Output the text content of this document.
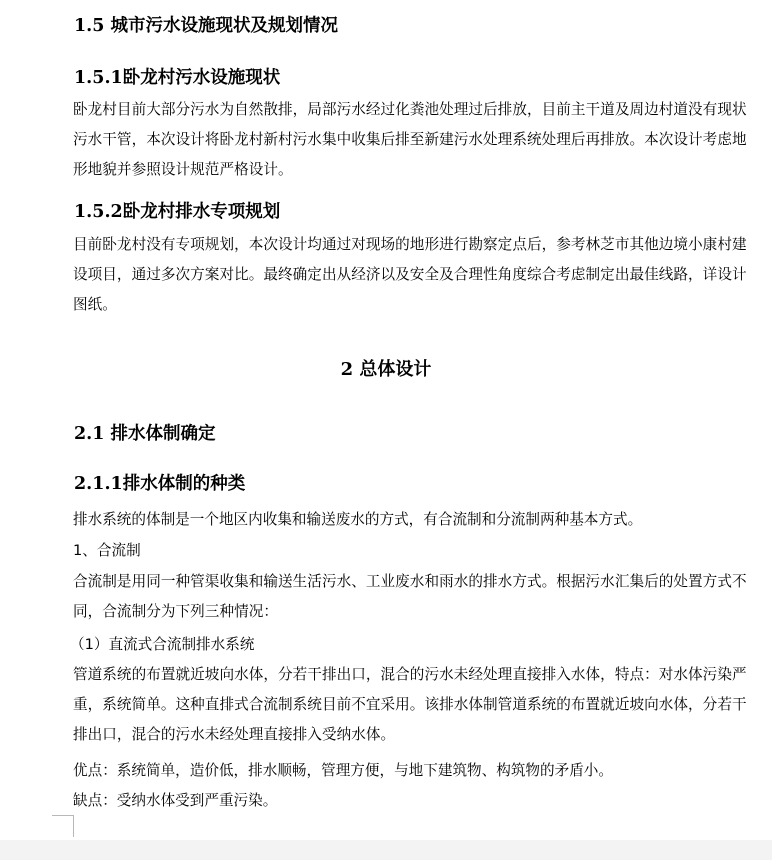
1.5 城市污水设施现状及规划情况
1.5.1卧龙村污水设施现状

卧龙村目前大部分污水为自然散排，局部污水经过化粪池处理过后排放，目前主干道及周边村道没有现状污水干管，本次设计将卧龙村新村污水集中收集后排至新建污水处理系统处理后再排放。本次设计考虑地形地貌并参照设计规范严格设计。

1.5.2卧龙村排水专项规划

目前卧龙村没有专项规划，本次设计均通过对现场的地形进行勘察定点后，参考林芝市其他边境小康村建设项目，通过多次方案对比。最终确定出从经济以及安全及合理性角度综合考虑制定出最佳线路，详设计图纸。

2 总体设计
2.1 排水体制确定
2.1.1排水体制的种类

排水系统的体制是一个地区内收集和输送废水的方式，有合流制和分流制两种基本方式。

1、合流制

合流制是用同一种管渠收集和输送生活污水、工业废水和雨水的排水方式。根据污水汇集后的处置方式不同，合流制分为下列三种情况：

（1）直流式合流制排水系统

管道系统的布置就近坡向水体，分若干排出口，混合的污水未经处理直接排入水体，特点：对水体污染严重，系统简单。这种直排式合流制系统目前不宜采用。该排水体制管道系统的布置就近坡向水体，分若干排出口，混合的污水未经处理直接排入受纳水体。

优点：系统简单，造价低，排水顺畅，管理方便，与地下建筑物、构筑物的矛盾小。

缺点：受纳水体受到严重污染。
